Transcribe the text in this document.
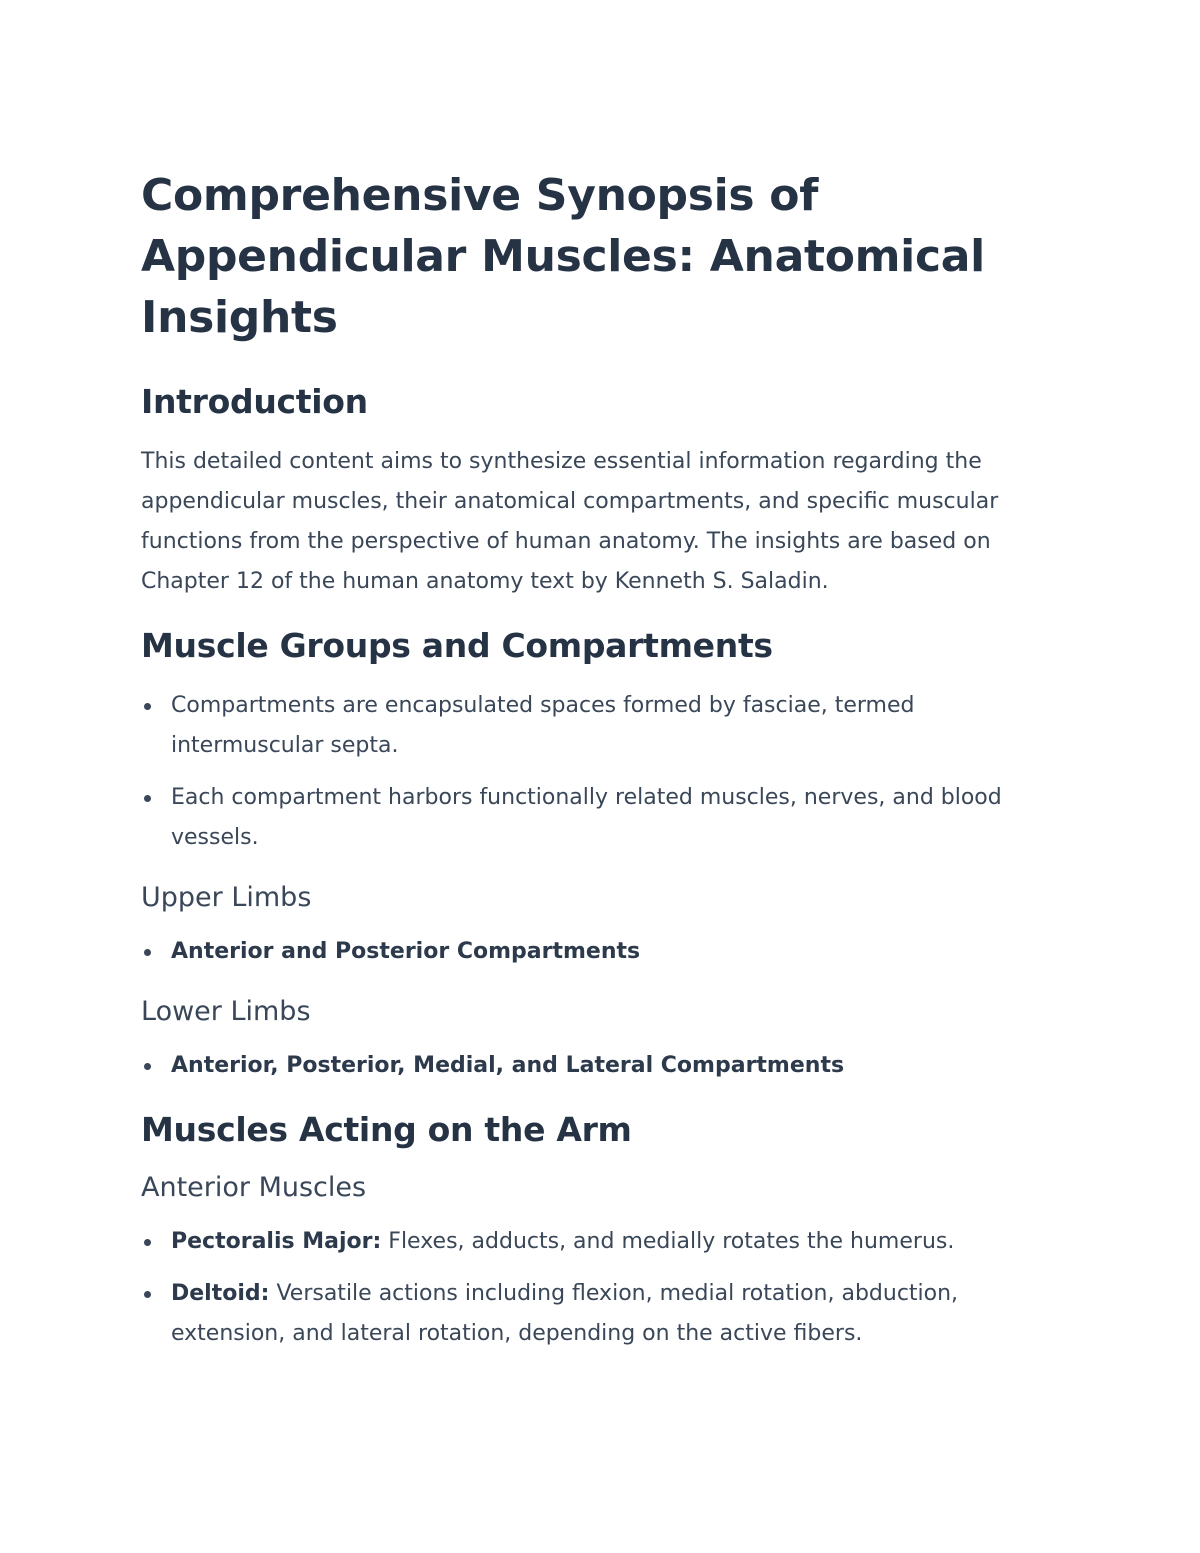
Comprehensive Synopsis of Appendicular Muscles: Anatomical Insights
Introduction

This detailed content aims to synthesize essential information regarding the appendicular muscles, their anatomical compartments, and specific muscular functions from the perspective of human anatomy. The insights are based on Chapter 12 of the human anatomy text by Kenneth S. Saladin.

Muscle Groups and Compartments
Compartments are encapsulated spaces formed by fasciae, termed intermuscular septa.
Each compartment harbors functionally related muscles, nerves, and blood vessels.
Upper Limbs
Anterior and Posterior Compartments
Lower Limbs
Anterior, Posterior, Medial, and Lateral Compartments
Muscles Acting on the Arm
Anterior Muscles
Pectoralis Major: Flexes, adducts, and medially rotates the humerus.
Deltoid: Versatile actions including flexion, medial rotation, abduction, extension, and lateral rotation, depending on the active fibers.
